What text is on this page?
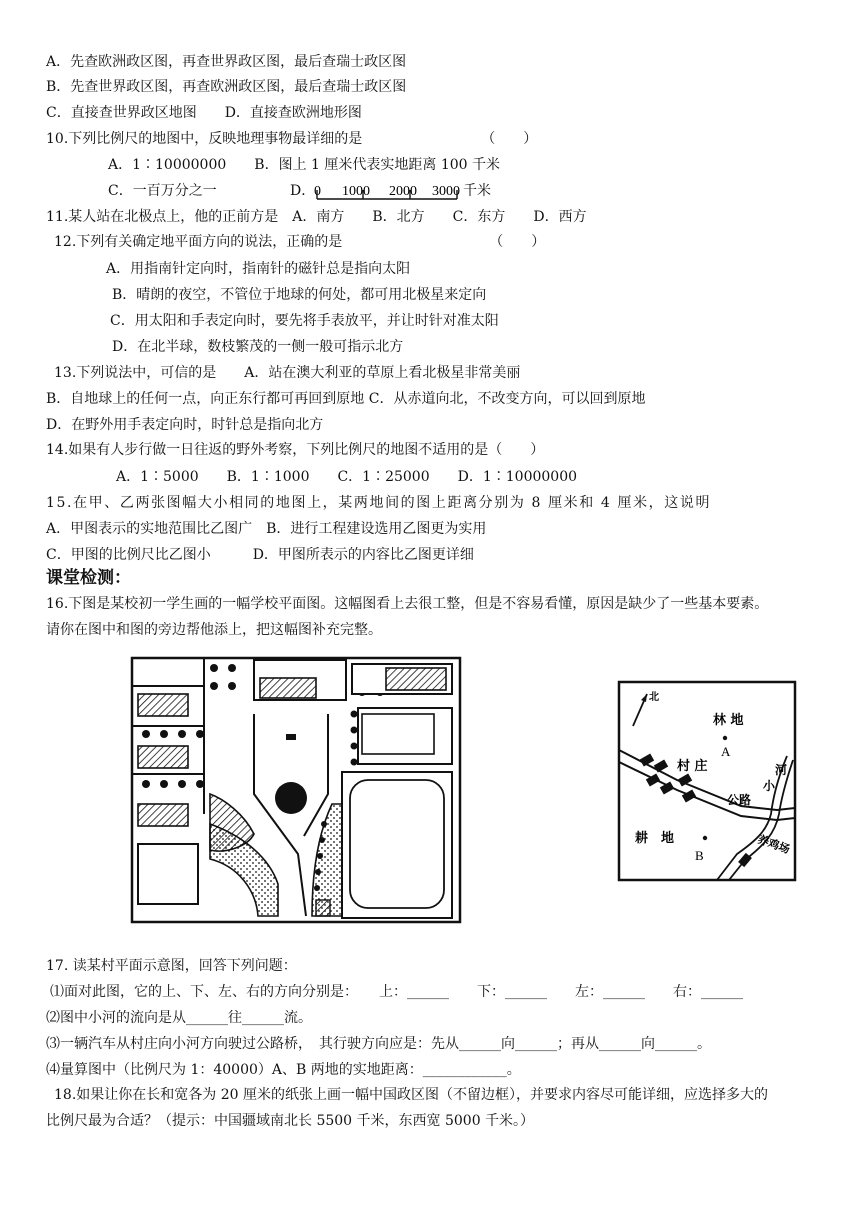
A．先查欧洲政区图，再查世界政区图，最后查瑞士政区图
B．先查世界政区图，再查欧洲政区图，最后查瑞士政区图
C．直接查世界政区地图　　D．直接查欧洲地形图
10.下列比例尺的地图中，反映地理事物最详细的是　　　　　　　　　（　　）
A．1∶10000000　　B．图上 1 厘米代表实地距离 100 千米
C．一百万分之一	D．
0 1000 2000 3000 千米
11.某人站在北极点上，他的正前方是　A．南方　　B．北方　　C．东方　　D．西方
12.下列有关确定地平面方向的说法，正确的是　　　　　　　　　　　（　　）
A．用指南针定向时，指南针的磁针总是指向太阳
B．晴朗的夜空，不管位于地球的何处，都可用北极星来定向
C．用太阳和手表定向时，要先将手表放平，并让时针对准太阳
D．在北半球，数枝繁茂的一侧一般可指示北方
13.下列说法中，可信的是　　A．站在澳大利亚的草原上看北极星非常美丽
B．自地球上的任何一点，向正东行都可再回到原地 C．从赤道向北，不改变方向，可以回到原地
D．在野外用手表定向时，时针总是指向北方
14.如果有人步行做一日往返的野外考察，下列比例尺的地图不适用的是（　　）
A．1∶5000　　B．1∶1000　　C．1∶25000　　D．1∶10000000
15.在甲、乙两张图幅大小相同的地图上，某两地间的图上距离分别为 8 厘米和 4 厘米，这说明
A．甲图表示的实地范围比乙图广　B．进行工程建设选用乙图更为实用
C．甲图的比例尺比乙图小　　　D．甲图所表示的内容比乙图更详细
课堂检测：
16.下图是某校初一学生画的一幅学校平面图。这幅图看上去很工整，但是不容易看懂，原因是缺少了一些基本要素。
请你在图中和图的旁边帮他添上，把这幅图补充完整。
北
林 地
A
村 庄
公路
河
小
耕　地
B	养鸡场
17. 读某村平面示意图，回答下列问题：
⑴面对此图，它的上、下、左、右的方向分别是：　　上：______　　下：______　　左：______　　右：______
⑵图中小河的流向是从______往______流。
⑶一辆汽车从村庄向小河方向驶过公路桥，　其行驶方向应是：先从______向______；再从______向______。
⑷量算图中（比例尺为 1：40000）A、B 两地的实地距离：____________。
18.如果让你在长和宽各为 20 厘米的纸张上画一幅中国政区图（不留边框），并要求内容尽可能详细，应选择多大的
比例尺最为合适？（提示：中国疆域南北长 5500 千米，东西宽 5000 千米。）
